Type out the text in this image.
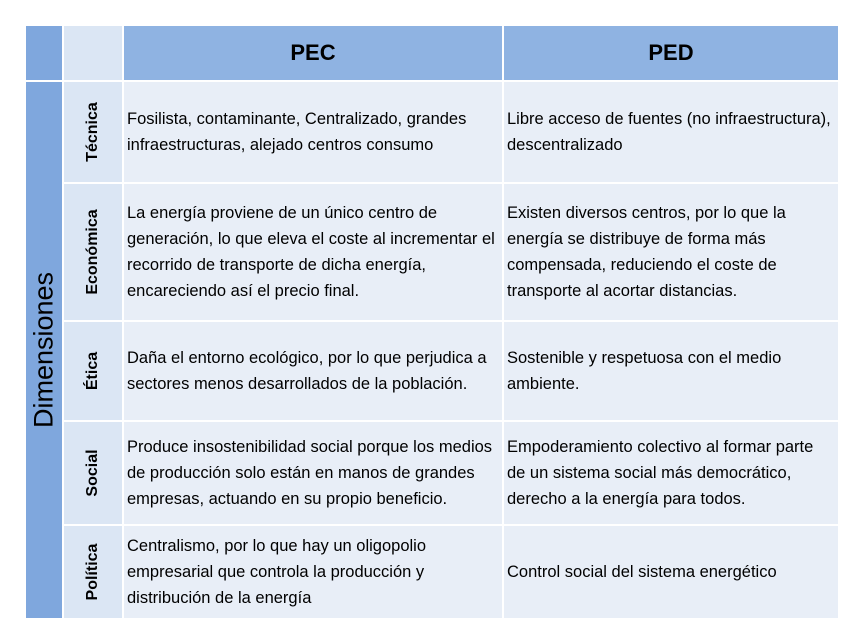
		PEC	PED

Dimensiones	Técnica	Fosilista, contaminante, Centralizado, grandes infraestructuras, alejado centros consumo	Libre acceso de fuentes (no infraestructura), descentralizado

	Económica	La energía proviene de un único centro de generación, lo que eleva el coste al incrementar el recorrido de transporte de dicha energía, encareciendo así el precio final.	Existen diversos centros, por lo que la energía se distribuye de forma más compensada, reduciendo el coste de transporte al acortar distancias.

	Ética	Daña el entorno ecológico, por lo que perjudica a sectores menos desarrollados de la población.	Sostenible y respetuosa con el medio ambiente.

	Social	Produce insostenibilidad social porque los medios de producción solo están en manos de grandes empresas, actuando en su propio beneficio.	Empoderamiento colectivo al formar parte de un sistema social más democrático, derecho a la energía para todos.

	Política	Centralismo, por lo que hay un oligopolio empresarial que controla la producción y distribución de la energía	Control social del sistema energético
